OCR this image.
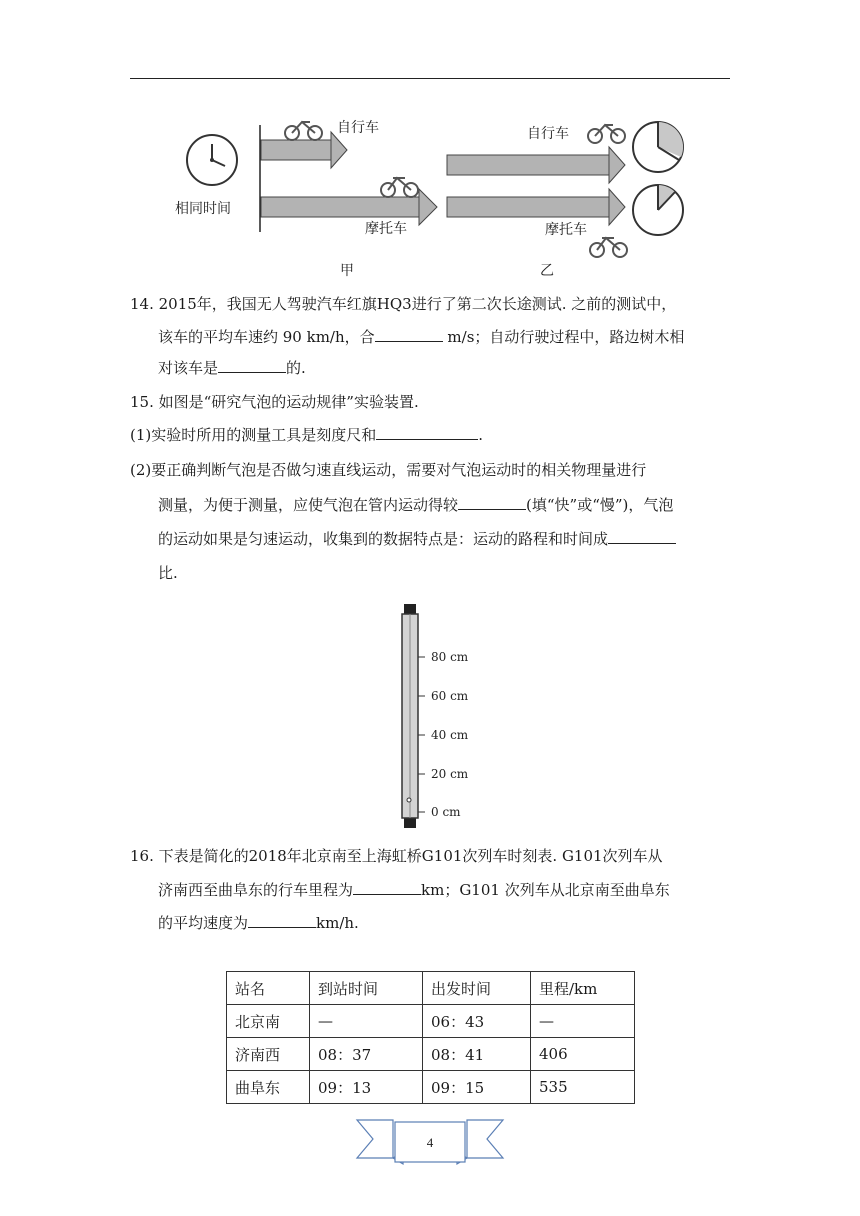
相同时间
自行车
摩托车
自行车
摩托车
甲	乙
14. 2015年，我国无人驾驶汽车红旗HQ3进行了第二次长途测试. 之前的测试中，
该车的平均车速约 90 km/h，合	m/s；自动行驶过程中，路边树木相
对该车是	的.
15. 如图是“研究气泡的运动规律”实验装置.
(1)实验时所用的测量工具是刻度尺和	.
(2)要正确判断气泡是否做匀速直线运动，需要对气泡运动时的相关物理量进行
测量，为便于测量，应使气泡在管内运动得较	(填“快”或“慢”)，气泡
的运动如果是匀速运动，收集到的数据特点是：运动的路程和时间成
比.
80 cm
60 cm
40 cm
20 cm
0 cm
16. 下表是简化的2018年北京南至上海虹桥G101次列车时刻表. G101次列车从
济南西至曲阜东的行车里程为	km；G101 次列车从北京南至曲阜东
的平均速度为	km/h.
站名	到站时间	出发时间	里程/km
北京南	—	06：43	—
济南西	08：37	08：41	406
曲阜东	09：13	09：15	535
4
